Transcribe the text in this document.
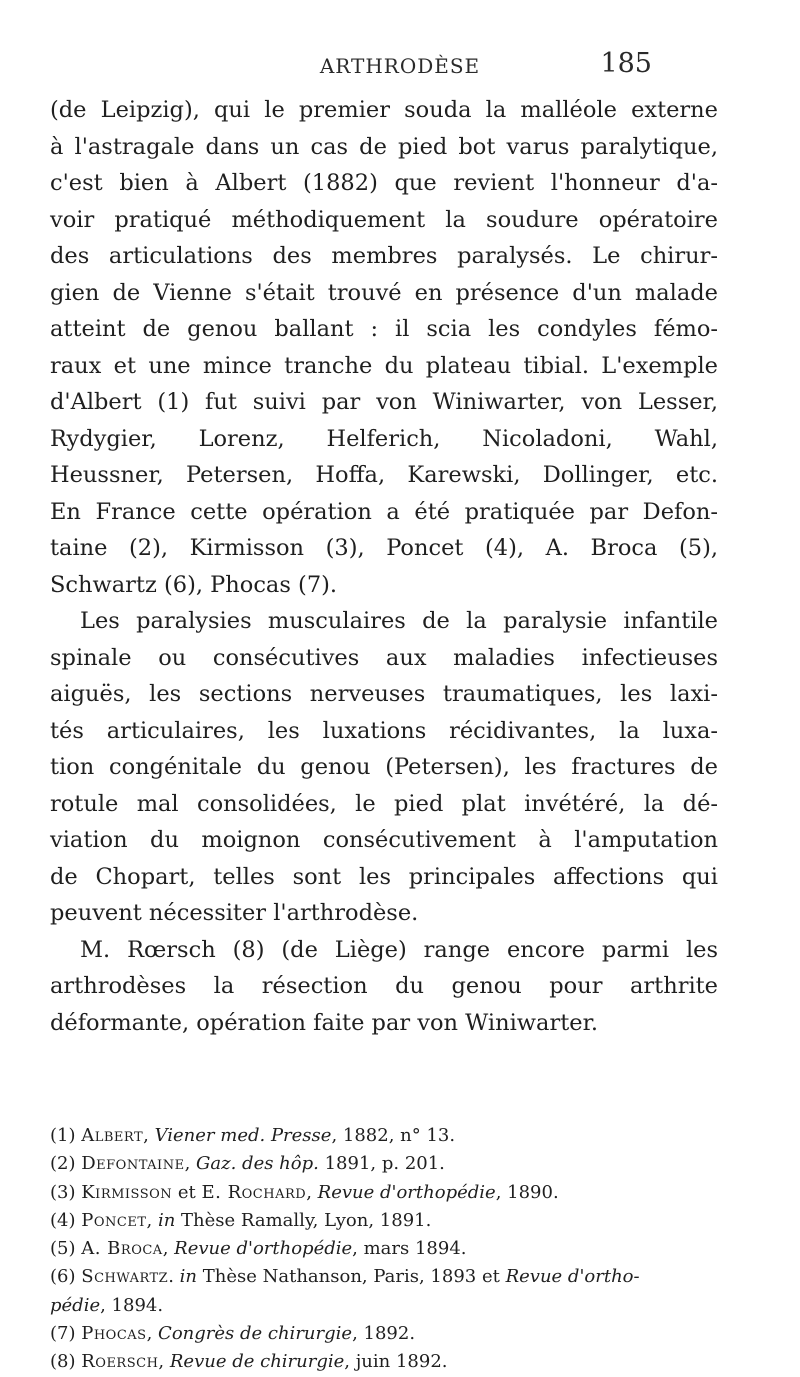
ARTHRODÈSE	185
(de Leipzig), qui le premier souda la malléole externe
à l'astragale dans un cas de pied bot varus paralytique,
c'est bien à Albert (1882) que revient l'honneur d'a-
voir pratiqué méthodiquement la soudure opératoire
des articulations des membres paralysés. Le chirur-
gien de Vienne s'était trouvé en présence d'un malade
atteint de genou ballant : il scia les condyles fémo-
raux et une mince tranche du plateau tibial. L'exemple
d'Albert (1) fut suivi par von Winiwarter, von Lesser,
Rydygier, Lorenz, Helferich, Nicoladoni, Wahl,
Heussner, Petersen, Hoffa, Karewski, Dollinger, etc.
En France cette opération a été pratiquée par Defon-
taine (2), Kirmisson (3), Poncet (4), A. Broca (5),
Schwartz (6), Phocas (7).
Les paralysies musculaires de la paralysie infantile
spinale ou consécutives aux maladies infectieuses
aiguës, les sections nerveuses traumatiques, les laxi-
tés articulaires, les luxations récidivantes, la luxa-
tion congénitale du genou (Petersen), les fractures de
rotule mal consolidées, le pied plat invétéré, la dé-
viation du moignon consécutivement à l'amputation
de Chopart, telles sont les principales affections qui
peuvent nécessiter l'arthrodèse.
M. Rœrsch (8) (de Liège) range encore parmi les
arthrodèses la résection du genou pour arthrite
déformante, opération faite par von Winiwarter.
(1) Albert, Viener med. Presse, 1882, n° 13.
(2) Defontaine, Gaz. des hôp. 1891, p. 201.
(3) Kirmisson et E. Rochard, Revue d'orthopédie, 1890.
(4) Poncet, in Thèse Ramally, Lyon, 1891.
(5) A. Broca, Revue d'orthopédie, mars 1894.
(6) Schwartz. in Thèse Nathanson, Paris, 1893 et Revue d'ortho-
pédie, 1894.
(7) Phocas, Congrès de chirurgie, 1892.
(8) Roersch, Revue de chirurgie, juin 1892.
